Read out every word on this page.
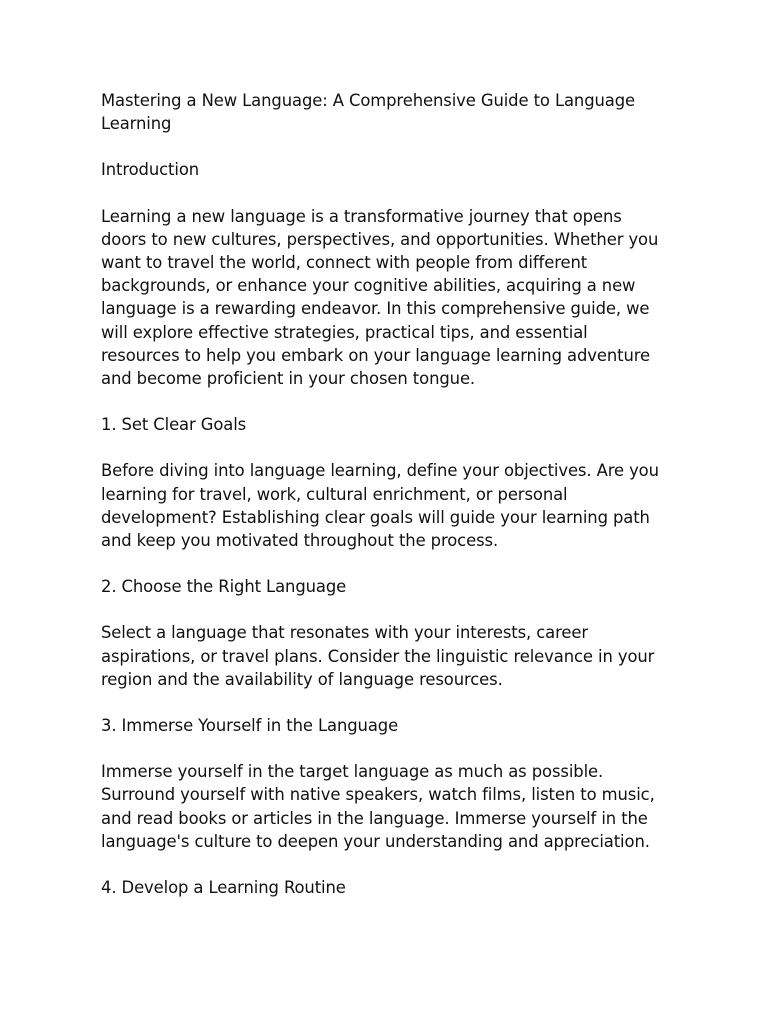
Mastering a New Language: A Comprehensive Guide to Language Learning

Introduction

Learning a new language is a transformative journey that opens doors to new cultures, perspectives, and opportunities. Whether you want to travel the world, connect with people from different backgrounds, or enhance your cognitive abilities, acquiring a new language is a rewarding endeavor. In this comprehensive guide, we will explore effective strategies, practical tips, and essential resources to help you embark on your language learning adventure and become proficient in your chosen tongue.

1. Set Clear Goals

Before diving into language learning, define your objectives. Are you learning for travel, work, cultural enrichment, or personal development? Establishing clear goals will guide your learning path and keep you motivated throughout the process.

2. Choose the Right Language

Select a language that resonates with your interests, career aspirations, or travel plans. Consider the linguistic relevance in your region and the availability of language resources.

3. Immerse Yourself in the Language

Immerse yourself in the target language as much as possible. Surround yourself with native speakers, watch films, listen to music, and read books or articles in the language. Immerse yourself in the language's culture to deepen your understanding and appreciation.

4. Develop a Learning Routine
